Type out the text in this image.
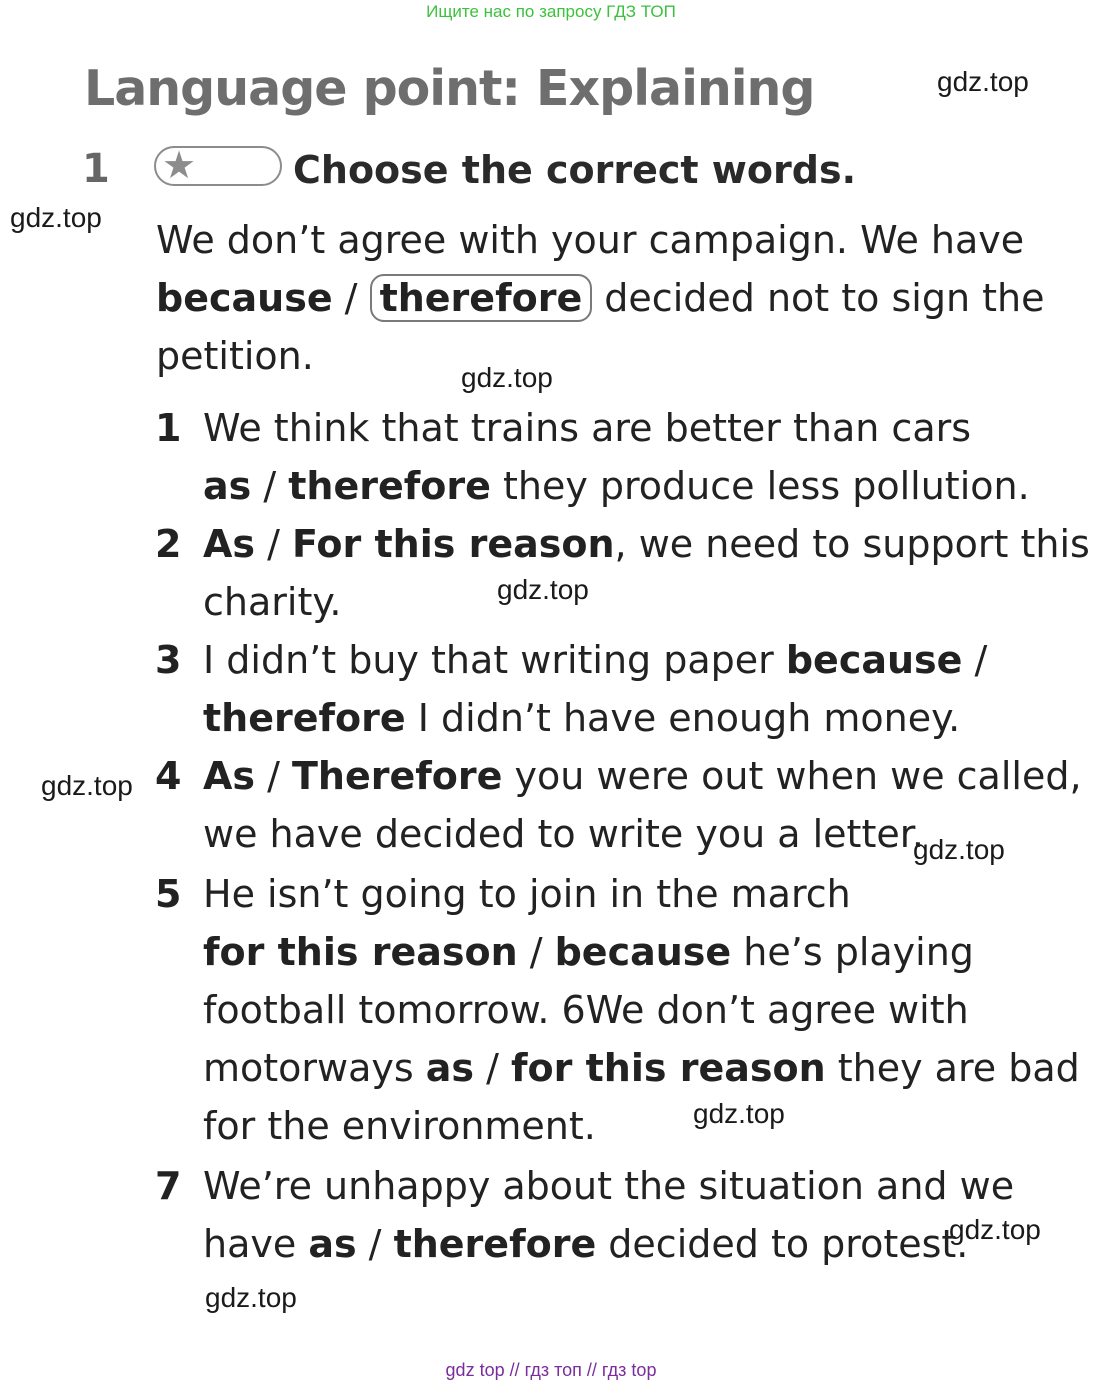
Ищите нас по запросу ГДЗ ТОП
Language point: Explaining	gdz.top
gdz.top
gdz.top
gdz.top
gdz.top
gdz.top
gdz.top
gdz.top
gdz.top
1 ★	Choose the correct words.
We don’t agree with your campaign. We have
because / therefore decided not to sign the
petition.
1 We think that trains are better than cars
as / therefore they produce less pollution.
2 As / For this reason, we need to support this
charity.
3 I didn’t buy that writing paper because /
therefore I didn’t have enough money.
4 As / Therefore you were out when we called,
we have decided to write you a letter.
5 He isn’t going to join in the march
for this reason / because he’s playing
football tomorrow. 6We don’t agree with
motorways as / for this reason they are bad
for the environment.
7 We’re unhappy about the situation and we
have as / therefore decided to protest.
gdz top // гдз топ // гдз top
